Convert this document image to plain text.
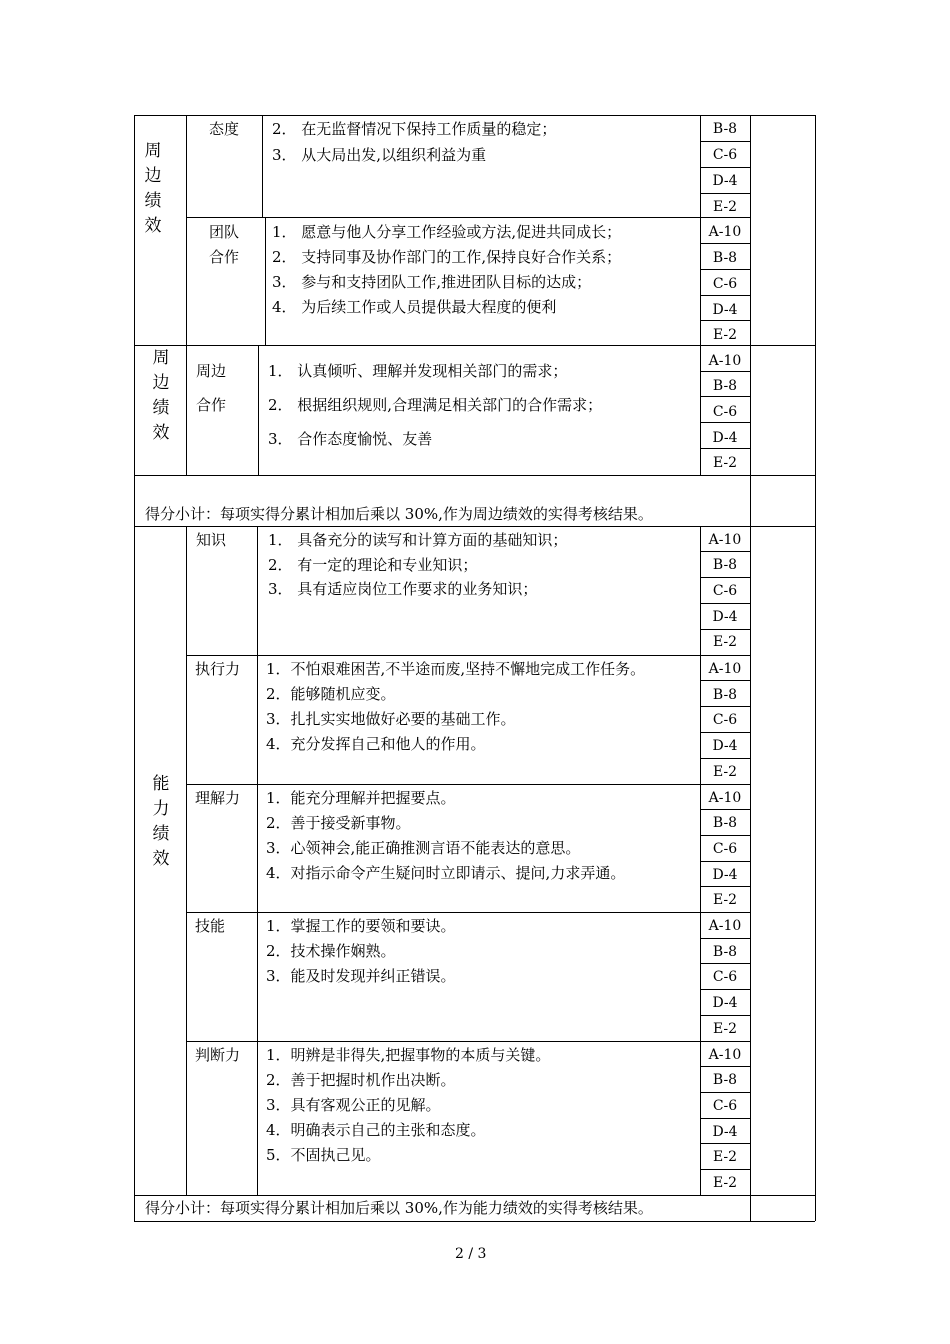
周边绩效
态度 2． 在无监督情况下保持工作质量的稳定；
3． 从大局出发,以组织利益为重
B-8
C-6
D-4
E-2
团队
合作
1． 愿意与他人分享工作经验或方法,促进共同成长；
2． 支持同事及协作部门的工作,保持良好合作关系；
3． 参与和支持团队工作,推进团队目标的达成；
4． 为后续工作或人员提供最大程度的便利
A-10
B-8
C-6
D-4
E-2
周边绩效
周边
合作
1． 认真倾听、理解并发现相关部门的需求；
2． 根据组织规则,合理满足相关部门的合作需求；
3． 合作态度愉悦、友善
A-10
B-8
C-6
D-4
E-2
得分小计：每项实得分累计相加后乘以 30%,作为周边绩效的实得考核结果。
能力绩效
知识	1． 具备充分的读写和计算方面的基础知识；
2． 有一定的理论和专业知识；
3． 具有适应岗位工作要求的业务知识；
A-10
B-8
C-6
D-4
E-2
执行力 1．不怕艰难困苦,不半途而废,坚持不懈地完成工作任务。
2．能够随机应变。
3．扎扎实实地做好必要的基础工作。
4．充分发挥自己和他人的作用。
A-10
B-8
C-6
D-4
E-2
理解力 1．能充分理解并把握要点。
2．善于接受新事物。
3．心领神会,能正确推测言语不能表达的意思。
4．对指示命令产生疑问时立即请示、提问,力求弄通。
A-10
B-8
C-6
D-4
E-2
技能	1．掌握工作的要领和要诀。
2．技术操作娴熟。
3．能及时发现并纠正错误。
A-10
B-8
C-6
D-4
E-2
判断力 1．明辨是非得失,把握事物的本质与关键。
2．善于把握时机作出决断。
3．具有客观公正的见解。
4．明确表示自己的主张和态度。
5．不固执己见。
A-10
B-8
C-6
D-4
E-2
E-2
得分小计：每项实得分累计相加后乘以 30%,作为能力绩效的实得考核结果。
2 / 3
